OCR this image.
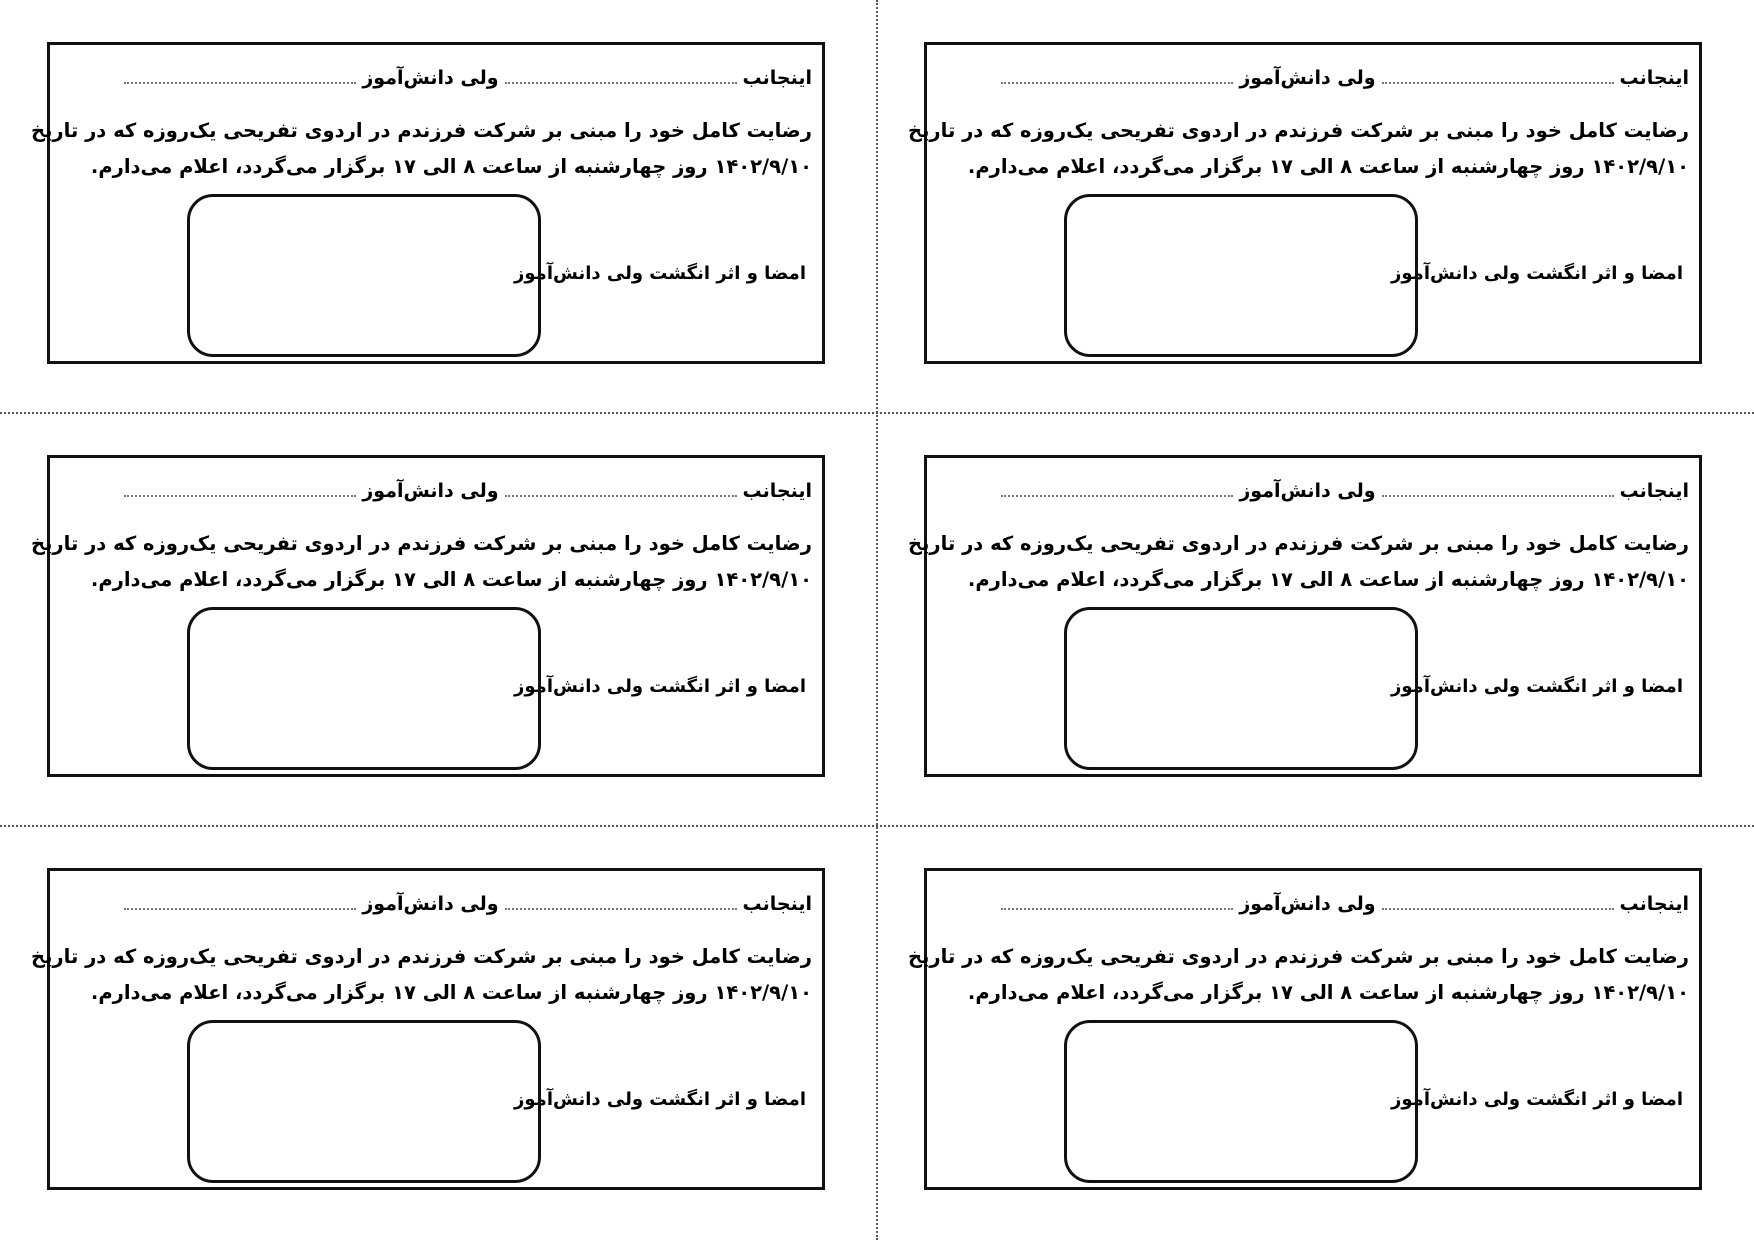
اینجانب
ولی دانش‌آموز
رضایت کامل خود را مبنی بر شرکت فرزندم در اردوی تفریحی یک‌روزه که در تاریخ
۱۴۰۲/۹/۱۰ روز چهارشنبه از ساعت ۸ الی ۱۷ برگزار می‌گردد، اعلام می‌دارم.
امضا و اثر انگشت ولی دانش‌آموز
اینجانب
ولی دانش‌آموز
رضایت کامل خود را مبنی بر شرکت فرزندم در اردوی تفریحی یک‌روزه که در تاریخ
۱۴۰۲/۹/۱۰ روز چهارشنبه از ساعت ۸ الی ۱۷ برگزار می‌گردد، اعلام می‌دارم.
امضا و اثر انگشت ولی دانش‌آموز
اینجانب
ولی دانش‌آموز
رضایت کامل خود را مبنی بر شرکت فرزندم در اردوی تفریحی یک‌روزه که در تاریخ
۱۴۰۲/۹/۱۰ روز چهارشنبه از ساعت ۸ الی ۱۷ برگزار می‌گردد، اعلام می‌دارم.
امضا و اثر انگشت ولی دانش‌آموز
اینجانب
ولی دانش‌آموز
رضایت کامل خود را مبنی بر شرکت فرزندم در اردوی تفریحی یک‌روزه که در تاریخ
۱۴۰۲/۹/۱۰ روز چهارشنبه از ساعت ۸ الی ۱۷ برگزار می‌گردد، اعلام می‌دارم.
امضا و اثر انگشت ولی دانش‌آموز
اینجانب
ولی دانش‌آموز
رضایت کامل خود را مبنی بر شرکت فرزندم در اردوی تفریحی یک‌روزه که در تاریخ
۱۴۰۲/۹/۱۰ روز چهارشنبه از ساعت ۸ الی ۱۷ برگزار می‌گردد، اعلام می‌دارم.
امضا و اثر انگشت ولی دانش‌آموز
اینجانب
ولی دانش‌آموز
رضایت کامل خود را مبنی بر شرکت فرزندم در اردوی تفریحی یک‌روزه که در تاریخ
۱۴۰۲/۹/۱۰ روز چهارشنبه از ساعت ۸ الی ۱۷ برگزار می‌گردد، اعلام می‌دارم.
امضا و اثر انگشت ولی دانش‌آموز
